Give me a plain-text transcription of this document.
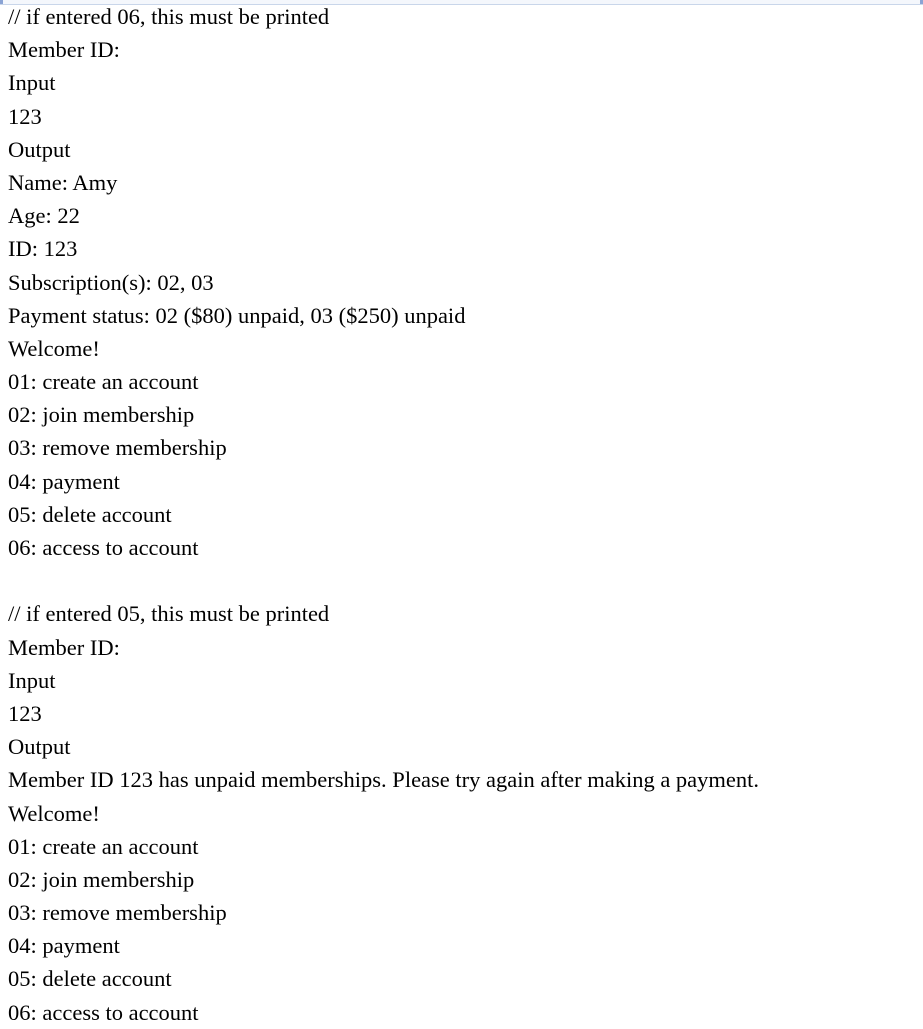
// if entered 06, this must be printed
Member ID:
Input
123
Output
Name: Amy
Age: 22
ID: 123
Subscription(s): 02, 03
Payment status: 02 ($80) unpaid, 03 ($250) unpaid
Welcome!
01: create an account
02: join membership
03: remove membership
04: payment
05: delete account
06: access to account
// if entered 05, this must be printed
Member ID:
Input
123
Output
Member ID 123 has unpaid memberships. Please try again after making a payment.
Welcome!
01: create an account
02: join membership
03: remove membership
04: payment
05: delete account
06: access to account
